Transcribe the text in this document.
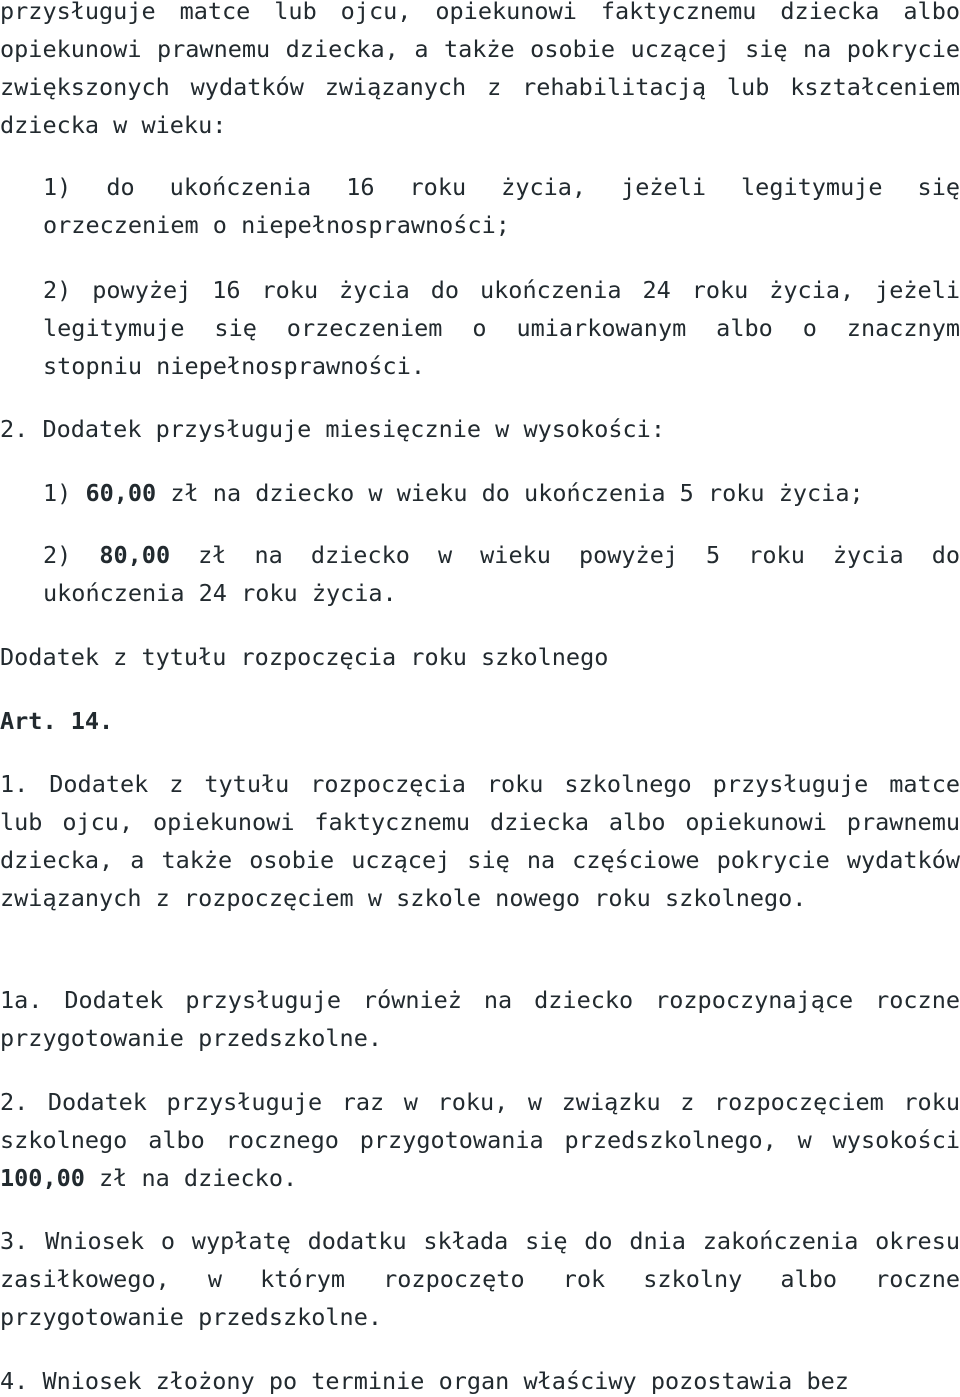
przysługuje matce lub ojcu, opiekunowi faktycznemu dziecka albo opiekunowi prawnemu dziecka, a także osobie uczącej się na pokrycie zwiększonych wydatków związanych z rehabilitacją lub kształceniem dziecka w wieku:

1) do ukończenia 16 roku życia, jeżeli legitymuje się orzeczeniem o niepełnosprawności;

2) powyżej 16 roku życia do ukończenia 24 roku życia, jeżeli legitymuje się orzeczeniem o umiarkowanym albo o znacznym stopniu niepełnosprawności.

2. Dodatek przysługuje miesięcznie w wysokości:

1) 60,00 zł na dziecko w wieku do ukończenia 5 roku życia;

2) 80,00 zł na dziecko w wieku powyżej 5 roku życia do ukończenia 24 roku życia.

Dodatek z tytułu rozpoczęcia roku szkolnego

Art. 14.

1. Dodatek z tytułu rozpoczęcia roku szkolnego przysługuje matce lub ojcu, opiekunowi faktycznemu dziecka albo opiekunowi prawnemu dziecka, a także osobie uczącej się na częściowe pokrycie wydatków związanych z rozpoczęciem w szkole nowego roku szkolnego.

1a. Dodatek przysługuje również na dziecko rozpoczynające roczne przygotowanie przedszkolne.

2. Dodatek przysługuje raz w roku, w związku z rozpoczęciem roku szkolnego albo rocznego przygotowania przedszkolnego, w wysokości 100,00 zł na dziecko.

3. Wniosek o wypłatę dodatku składa się do dnia zakończenia okresu zasiłkowego, w którym rozpoczęto rok szkolny albo roczne przygotowanie przedszkolne.

4. Wniosek złożony po terminie organ właściwy pozostawia bez
